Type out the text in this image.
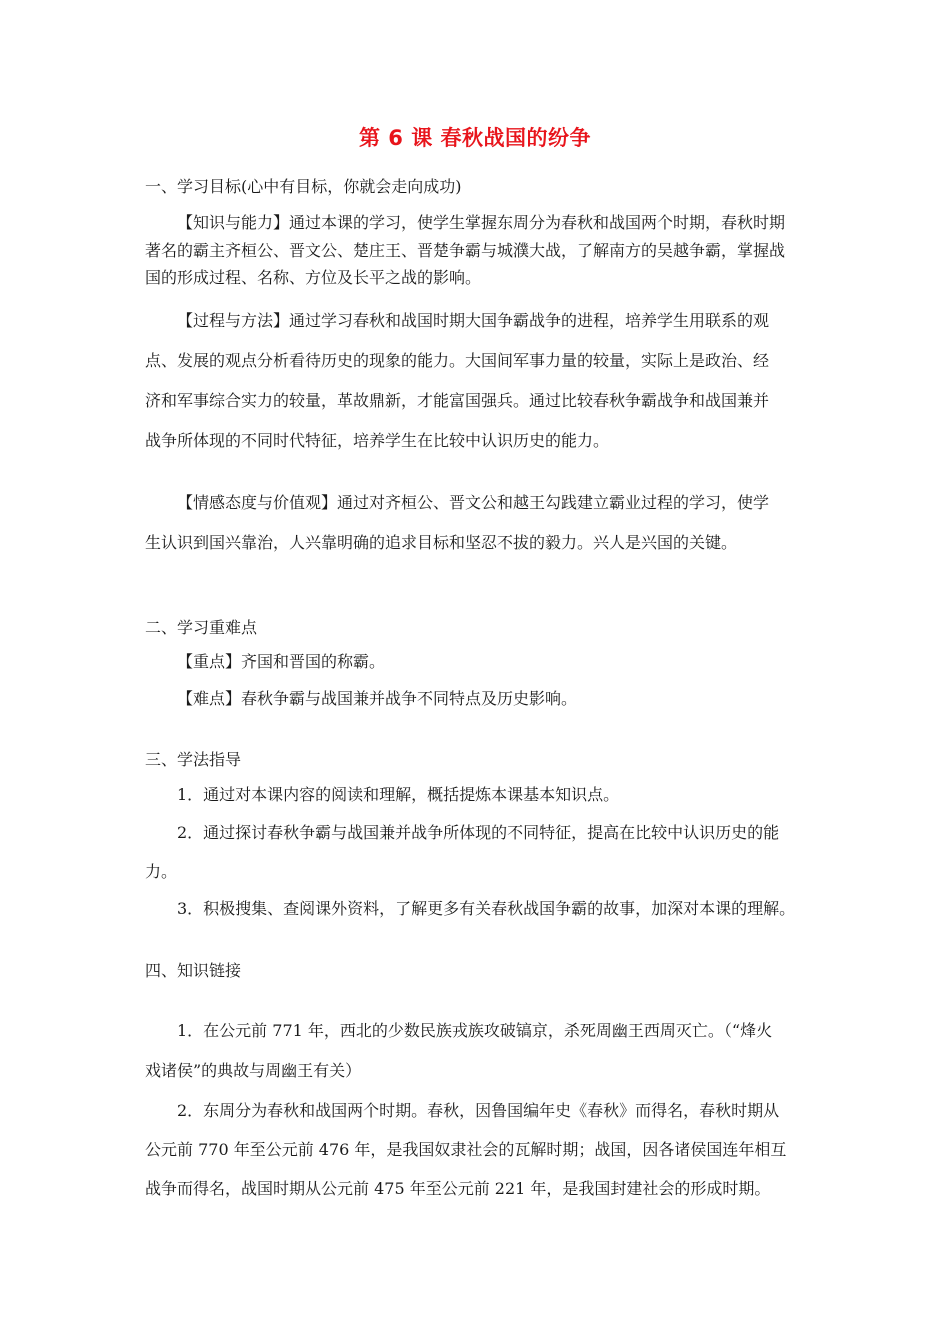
第 6 课 春秋战国的纷争
一、学习目标(心中有目标，你就会走向成功)
【知识与能力】通过本课的学习，使学生掌握东周分为春秋和战国两个时期，春秋时期
著名的霸主齐桓公、晋文公、楚庄王、晋楚争霸与城濮大战，了解南方的吴越争霸，掌握战
国的形成过程、名称、方位及长平之战的影响。
【过程与方法】通过学习春秋和战国时期大国争霸战争的进程，培养学生用联系的观
点、发展的观点分析看待历史的现象的能力。大国间军事力量的较量，实际上是政治、经
济和军事综合实力的较量，革故鼎新，才能富国强兵。通过比较春秋争霸战争和战国兼并
战争所体现的不同时代特征，培养学生在比较中认识历史的能力。
【情感态度与价值观】通过对齐桓公、晋文公和越王勾践建立霸业过程的学习，使学
生认识到国兴靠治，人兴靠明确的追求目标和坚忍不拔的毅力。兴人是兴国的关键。
二、学习重难点
【重点】齐国和晋国的称霸。
【难点】春秋争霸与战国兼并战争不同特点及历史影响。
三、学法指导
1．通过对本课内容的阅读和理解，概括提炼本课基本知识点。
2．通过探讨春秋争霸与战国兼并战争所体现的不同特征，提高在比较中认识历史的能
力。
3．积极搜集、查阅课外资料，了解更多有关春秋战国争霸的故事，加深对本课的理解。
四、知识链接
1．在公元前 771 年，西北的少数民族戎族攻破镐京，杀死周幽王西周灭亡。（“烽火
戏诸侯”的典故与周幽王有关）
2．东周分为春秋和战国两个时期。春秋，因鲁国编年史《春秋》而得名，春秋时期从
公元前 770 年至公元前 476 年，是我国奴隶社会的瓦解时期；战国，因各诸侯国连年相互
战争而得名，战国时期从公元前 475 年至公元前 221 年，是我国封建社会的形成时期。
